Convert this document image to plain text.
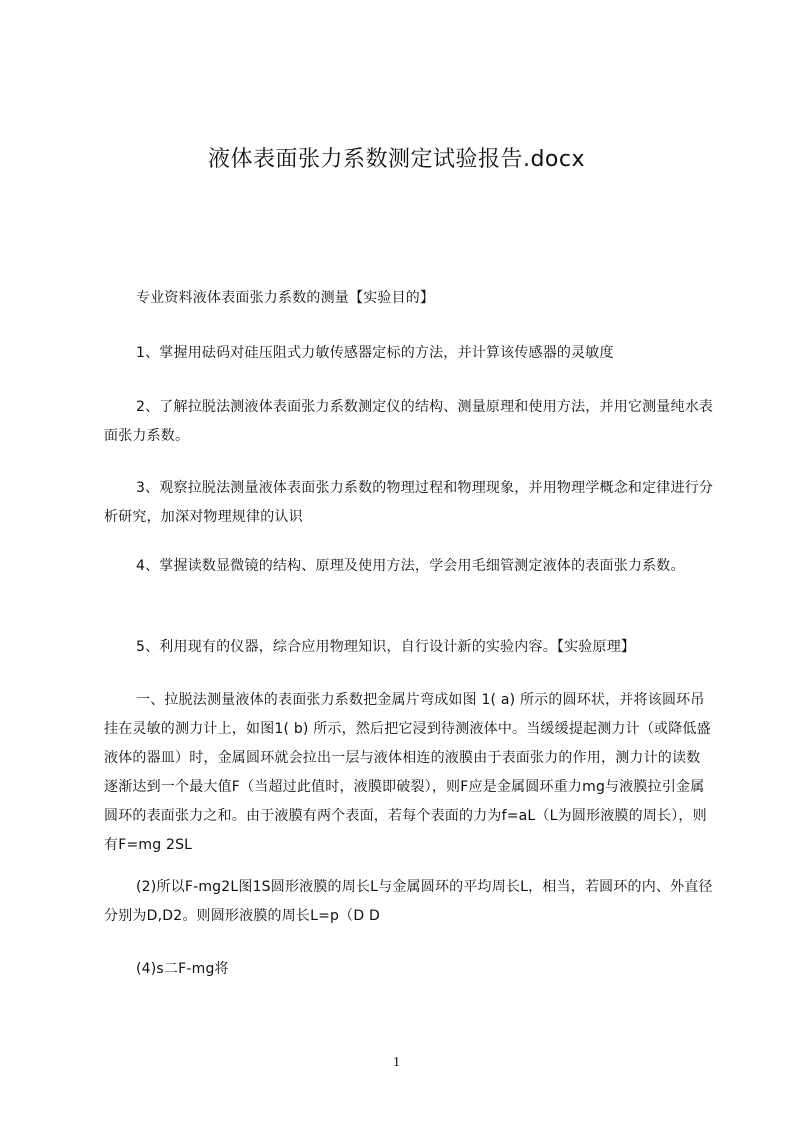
液体表面张力系数测定试验报告.docx
专业资料液体表面张力系数的测量【实验目的】
1、掌握用砝码对硅压阻式力敏传感器定标的方法，并计算该传感器的灵敏度
2、了解拉脱法测液体表面张力系数测定仪的结构、测量原理和使用方法，并用它测量纯水表面张力系数。
3、观察拉脱法测量液体表面张力系数的物理过程和物理现象，并用物理学概念和定律进行分析研究，加深对物理规律的认识
4、掌握读数显微镜的结构、原理及使用方法，学会用毛细管测定液体的表面张力系数。
5、利用现有的仪器，综合应用物理知识，自行设计新的实验内容。【实验原理】
一、拉脱法测量液体的表面张力系数把金属片弯成如图 1( a) 所示的圆环状，并将该圆环吊挂在灵敏的测力计上，如图1( b) 所示，然后把它浸到待测液体中。当缓缓提起测力计（或降低盛液体的器皿）时，金属圆环就会拉出一层与液体相连的液膜由于表面张力的作用，测力计的读数逐渐达到一个最大值F（当超过此值时，液膜即破裂），则F应是金属圆环重力mg与液膜拉引金属圆环的表面张力之和。由于液膜有两个表面，若每个表面的力为f=aL（L为圆形液膜的周长），则有F=mg 2SL
(2)所以F-mg2L图1S圆形液膜的周长L与金属圆环的平均周长L，相当，若圆环的内、外直径分别为D,D2。则圆形液膜的周长L=p（D D
(4)s二F-mg将
1
